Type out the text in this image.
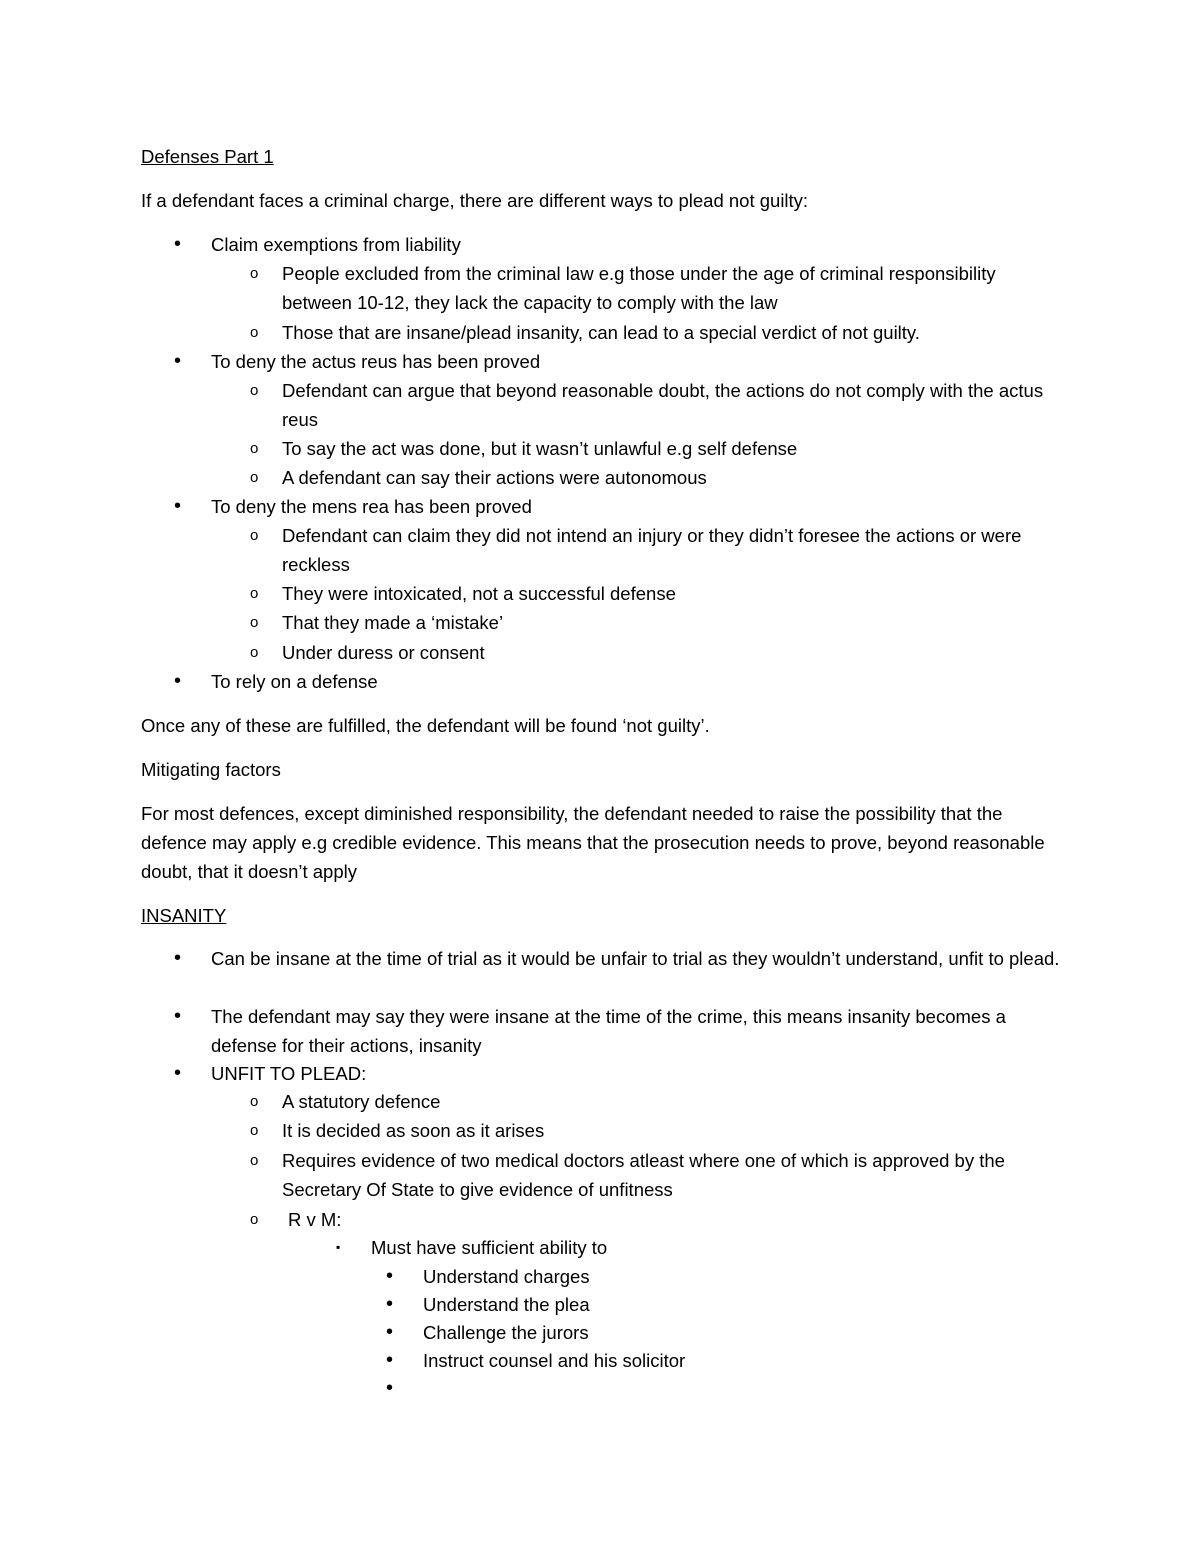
Defenses Part 1

If a defendant faces a criminal charge, there are different ways to plead not guilty:

• Claim exemptions from liability

o People excluded from the criminal law e.g those under the age of criminal responsibility between 10-12, they lack the capacity to comply with the law

o Those that are insane/plead insanity, can lead to a special verdict of not guilty.

• To deny the actus reus has been proved

o Defendant can argue that beyond reasonable doubt, the actions do not comply with the actus reus

o To say the act was done, but it wasn’t unlawful e.g self defense

o A defendant can say their actions were autonomous

• To deny the mens rea has been proved

o Defendant can claim they did not intend an injury or they didn’t foresee the actions or were reckless

o They were intoxicated, not a successful defense

o That they made a ‘mistake’

o Under duress or consent

• To rely on a defense

Once any of these are fulfilled, the defendant will be found ‘not guilty’.

Mitigating factors

For most defences, except diminished responsibility, the defendant needed to raise the possibility that the defence may apply e.g credible evidence. This means that the prosecution needs to prove, beyond reasonable doubt, that it doesn’t apply

INSANITY

• Can be insane at the time of trial as it would be unfair to trial as they wouldn’t understand, unfit to plead.

• The defendant may say they were insane at the time of the crime, this means insanity becomes a defense for their actions, insanity

• UNFIT TO PLEAD:

o A statutory defence

o It is decided as soon as it arises

o Requires evidence of two medical doctors atleast where one of which is approved by the Secretary Of State to give evidence of unfitness

o	R v M:

▪ Must have sufficient ability to

• Understand charges

• Understand the plea

• Challenge the jurors

• Instruct counsel and his solicitor

•
